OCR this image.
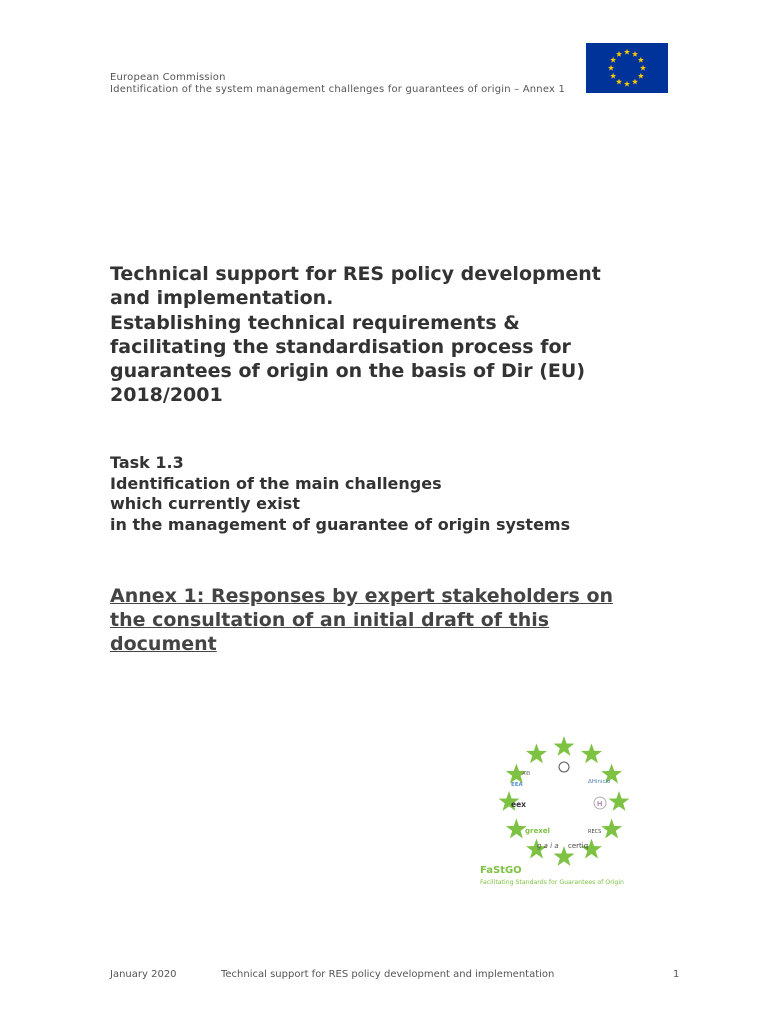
European Commission
Identification of the system management challenges for guarantees of origin – Annex 1
Technical support for RES policy development
and implementation.
Establishing technical requirements &
facilitating the standardisation process for
guarantees of origin on the basis of Dir (EU)
2018/2001
Task 1.3
Identification of the main challenges
which currently exist
in the management of guarantee of origin systems
Annex 1: Responses by expert stakeholders on
the consultation of an initial draft of this
document
AIB
EEA	ΔHinicio
eex	H
grexel	RECS
g a i a certiq
FaStGO
Facilitating Standards for Guarantees of Origin
January 2020	Technical support for RES policy development and implementation	1
